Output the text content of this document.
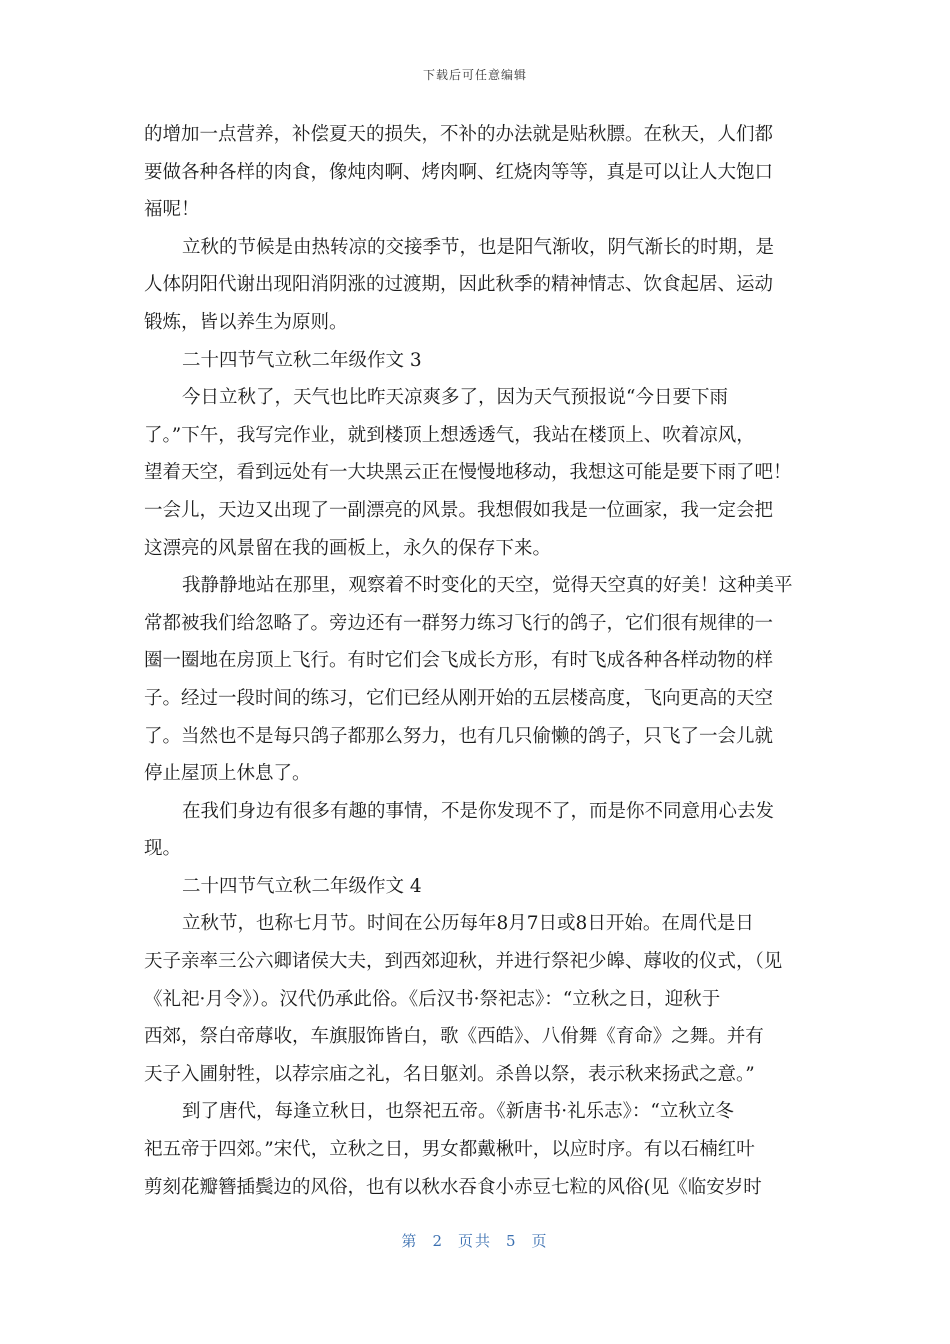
下载后可任意编辑
的增加一点营养，补偿夏天的损失，不补的办法就是贴秋膘。在秋天，人们都
要做各种各样的肉食，像炖肉啊、烤肉啊、红烧肉等等，真是可以让人大饱口
福呢！
立秋的节候是由热转凉的交接季节，也是阳气渐收，阴气渐长的时期，是
人体阴阳代谢出现阳消阴涨的过渡期，因此秋季的精神情志、饮食起居、运动
锻炼，皆以养生为原则。
二十四节气立秋二年级作文 3
今日立秋了，天气也比昨天凉爽多了，因为天气预报说“今日要下雨
了。”下午，我写完作业，就到楼顶上想透透气，我站在楼顶上、吹着凉风，
望着天空，看到远处有一大块黑云正在慢慢地移动，我想这可能是要下雨了吧！
一会儿，天边又出现了一副漂亮的风景。我想假如我是一位画家，我一定会把
这漂亮的风景留在我的画板上，永久的保存下来。
我静静地站在那里，观察着不时变化的天空，觉得天空真的好美！这种美平
常都被我们给忽略了。旁边还有一群努力练习飞行的鸽子，它们很有规律的一
圈一圈地在房顶上飞行。有时它们会飞成长方形，有时飞成各种各样动物的样
子。经过一段时间的练习，它们已经从刚开始的五层楼高度，飞向更高的天空
了。当然也不是每只鸽子都那么努力，也有几只偷懒的鸽子，只飞了一会儿就
停止屋顶上休息了。
在我们身边有很多有趣的事情，不是你发现不了，而是你不同意用心去发
现。
二十四节气立秋二年级作文 4
立秋节，也称七月节。时间在公历每年8月7日或8日开始。在周代是日
天子亲率三公六卿诸侯大夫，到西郊迎秋，并进行祭祀少皞、蓐收的仪式，（见
《礼祀·月令》）。汉代仍承此俗。《后汉书·祭祀志》：“立秋之日，迎秋于
西郊，祭白帝蓐收，车旗服饰皆白，歌《西皓》、八佾舞《育命》之舞。并有
天子入圃射牲，以荐宗庙之礼，名日躯刘。杀兽以祭，表示秋来扬武之意。”
到了唐代，每逢立秋日，也祭祀五帝。《新唐书·礼乐志》：“立秋立冬
祀五帝于四郊。”宋代，立秋之日，男女都戴楸叶，以应时序。有以石楠红叶
剪刻花瓣簪插鬓边的风俗，也有以秋水吞食小赤豆七粒的风俗(见《临安岁时
第 2 页共 5 页
